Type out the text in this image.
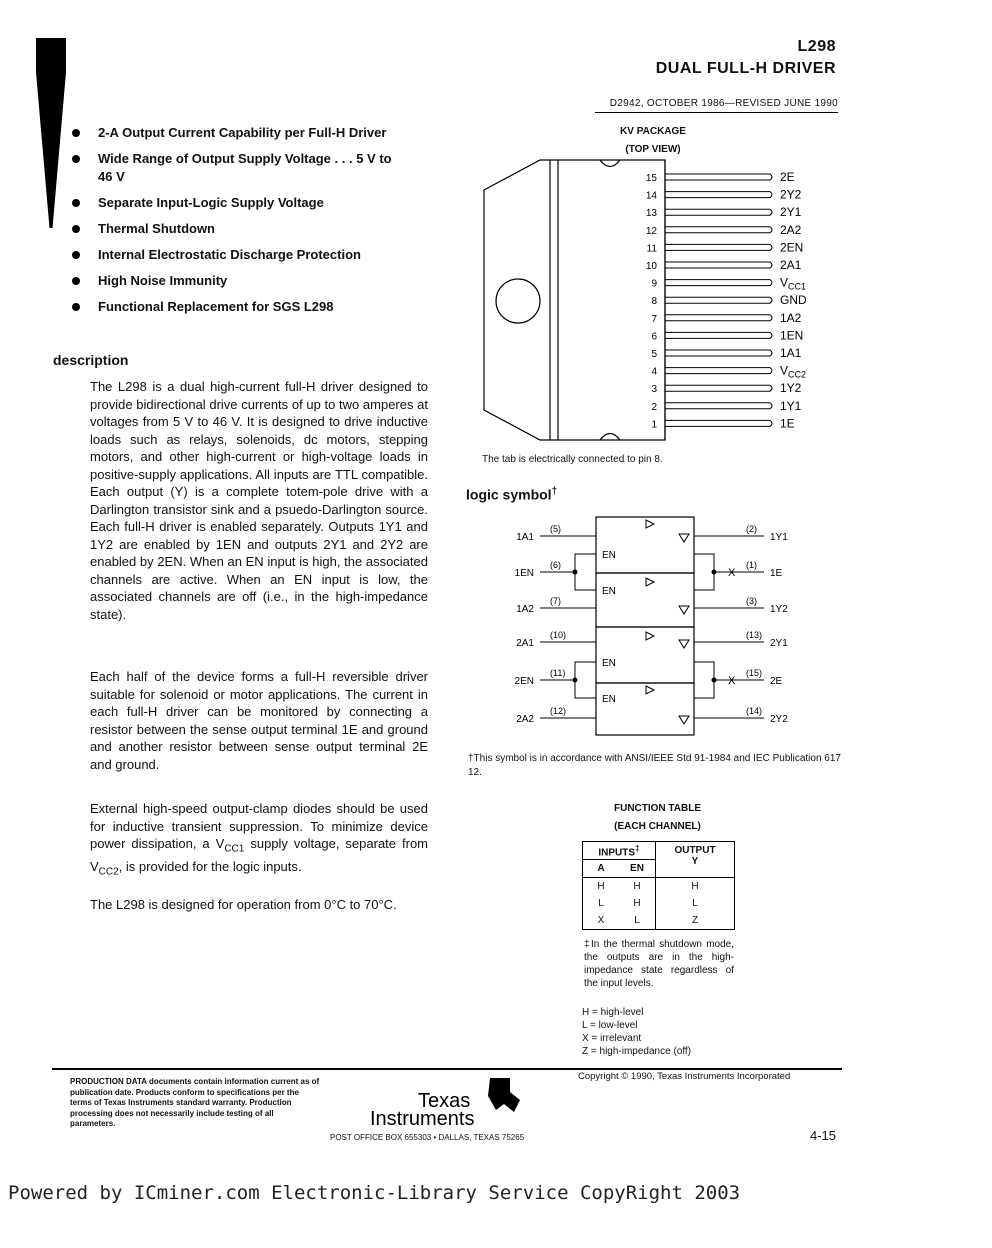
L298
DUAL FULL-H DRIVER
D2942, OCTOBER 1986—REVISED JUNE 1990
2-A Output Current Capability per Full-H Driver
Wide Range of Output Supply Voltage . . . 5 V to 46 V
Separate Input-Logic Supply Voltage
Thermal Shutdown
Internal Electrostatic Discharge Protection
High Noise Immunity
Functional Replacement for SGS L298
description
The L298 is a dual high-current full-H driver designed to provide bidirectional drive currents of up to two amperes at voltages from 5 V to 46 V. It is designed to drive inductive loads such as relays, solenoids, dc motors, stepping motors, and other high-current or high-voltage loads in positive-supply applications. All inputs are TTL compatible. Each output (Y) is a complete totem-pole drive with a Darlington transistor sink and a psuedo-Darlington source. Each full-H driver is enabled separately. Outputs 1Y1 and 1Y2 are enabled by 1EN and outputs 2Y1 and 2Y2 are enabled by 2EN. When an EN input is high, the associated channels are active. When an EN input is low, the associated channels are off (i.e., in the high-impedance state).
Each half of the device forms a full-H reversible driver suitable for solenoid or motor applications. The current in each full-H driver can be monitored by connecting a resistor between the sense output terminal 1E and ground and another resistor between sense output terminal 2E and ground.
External high-speed output-clamp diodes should be used for inductive transient suppression. To minimize device power dissipation, a $V_{CC1}$ supply voltage, separate from $V_{CC2}$, is provided for the logic inputs.
The L298 is designed for operation from 0°C to 70°C.
KV PACKAGE
(TOP VIEW)
15	2E
14	2Y2
13	2Y1
12	2A2
11	2EN
10	2A1
9	$V_{CC1}$
8	GND
7	1A2
6	1EN
5	1A1
4	$V_{CC2}$
3	1Y2
2	1Y1
1	1E
The tab is electrically connected to pin 8.
logic symbol†
1A1
(5)
1EN
(6)
EN
EN
1A2
(7)
2A1
(10)
2EN
(11)
EN
EN
2A2
(12)
(2)
1Y1
X
(1)
1E
(3)
1Y2
(13)
2Y1
X
(15)
2E
(14)
2Y2
†This symbol is in accordance with ANSI/IEEE Std 91-1984 and IEC Publication 617 12.
FUNCTION TABLE
(EACH CHANNEL)
INPUTS‡		OUTPUT
Y

A	EN	
H	H	H
L	H	L
X	L	Z
‡In the thermal shutdown mode, the outputs are in the high-impedance state regardless of the input levels.
H = high-level
L = low-level
X = irrelevant
Z = high-impedance (off)
PRODUCTION DATA documents contain information current as of publication date. Products conform to specifications per the terms of Texas Instruments standard warranty. Production processing does not necessarily include testing of all parameters.
Texas
Instruments
Copyright © 1990, Texas Instruments Incorporated
POST OFFICE BOX 655303 • DALLAS, TEXAS 75265	4-15
Powered by ICminer.com Electronic-Library Service CopyRight 2003
